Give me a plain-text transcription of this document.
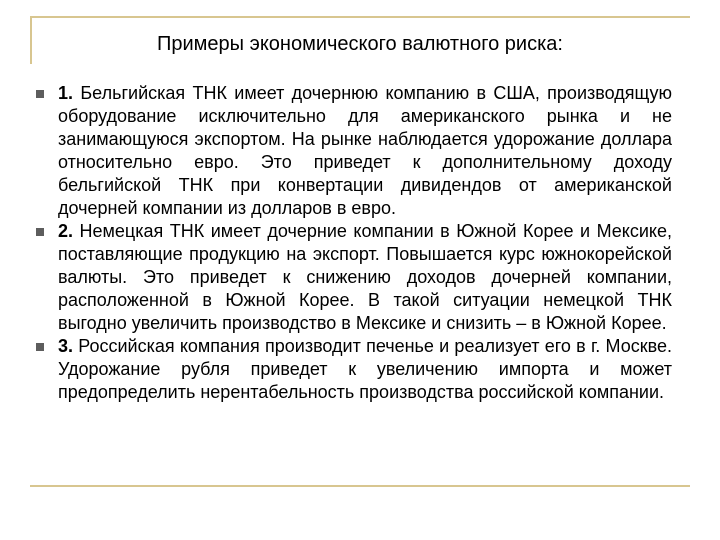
Примеры экономического валютного риска:
1. Бельгийская ТНК имеет дочернюю компанию в США, производящую оборудование исключительно для американского рынка и не занимающуюся экспортом. На рынке наблюдается удорожание доллара относительно евро. Это приведет к дополнительному доходу бельгийской ТНК при конвертации дивидендов от американской дочерней компании из долларов в евро.
2. Немецкая ТНК имеет дочерние компании в Южной Корее и Мексике, поставляющие продукцию на экспорт. Повышается курс южнокорейской валюты. Это приведет к снижению доходов дочерней компании, расположенной в Южной Корее. В такой ситуации немецкой ТНК выгодно увеличить производство в Мексике и снизить – в Южной Корее.
3. Российская компания производит печенье и реализует его в г. Москве. Удорожание рубля приведет к увеличению импорта и может предопределить нерентабельность производства российской компании.
